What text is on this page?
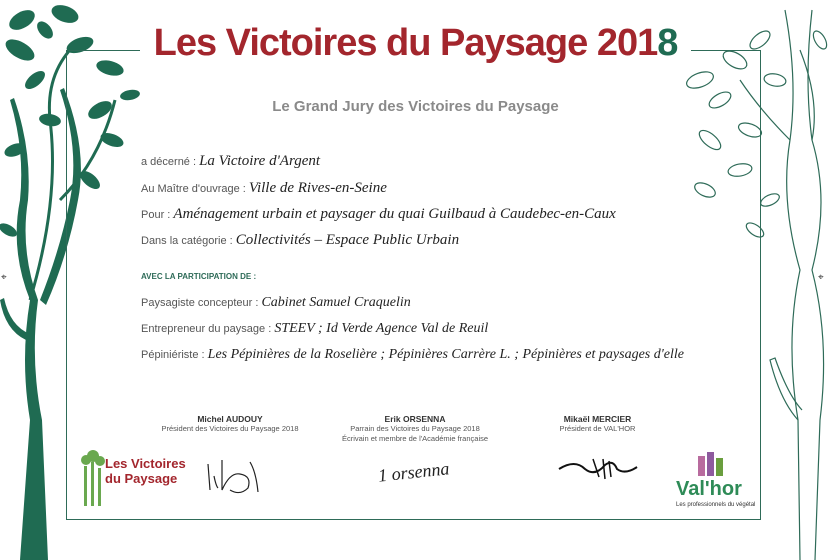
Les Victoires du Paysage 2018
Le Grand Jury des Victoires du Paysage
a décerné : La Victoire d'Argent
Au Maître d'ouvrage : Ville de Rives-en-Seine
Pour : Aménagement urbain et paysager du quai Guilbaud à Caudebec-en-Caux
Dans la catégorie : Collectivités – Espace Public Urbain
AVEC LA PARTICIPATION DE :
Paysagiste concepteur : Cabinet Samuel Craquelin
Entrepreneur du paysage : STEEV ; Id Verde Agence Val de Reuil
Pépiniériste : Les Pépinières de la Roselière ; Pépinières Carrère L. ; Pépinières et paysages d'elle
Michel AUDOUY
Président des Victoires du Paysage 2018
Erik ORSENNA
Parrain des Victoires du Paysage 2018
Écrivain et membre de l'Académie française
Mikaël MERCIER
Président de VAL'HOR
1 orsenna
Les Victoires
du Paysage	Val'hor
Les professionnels du végétal
⌖	⌖
